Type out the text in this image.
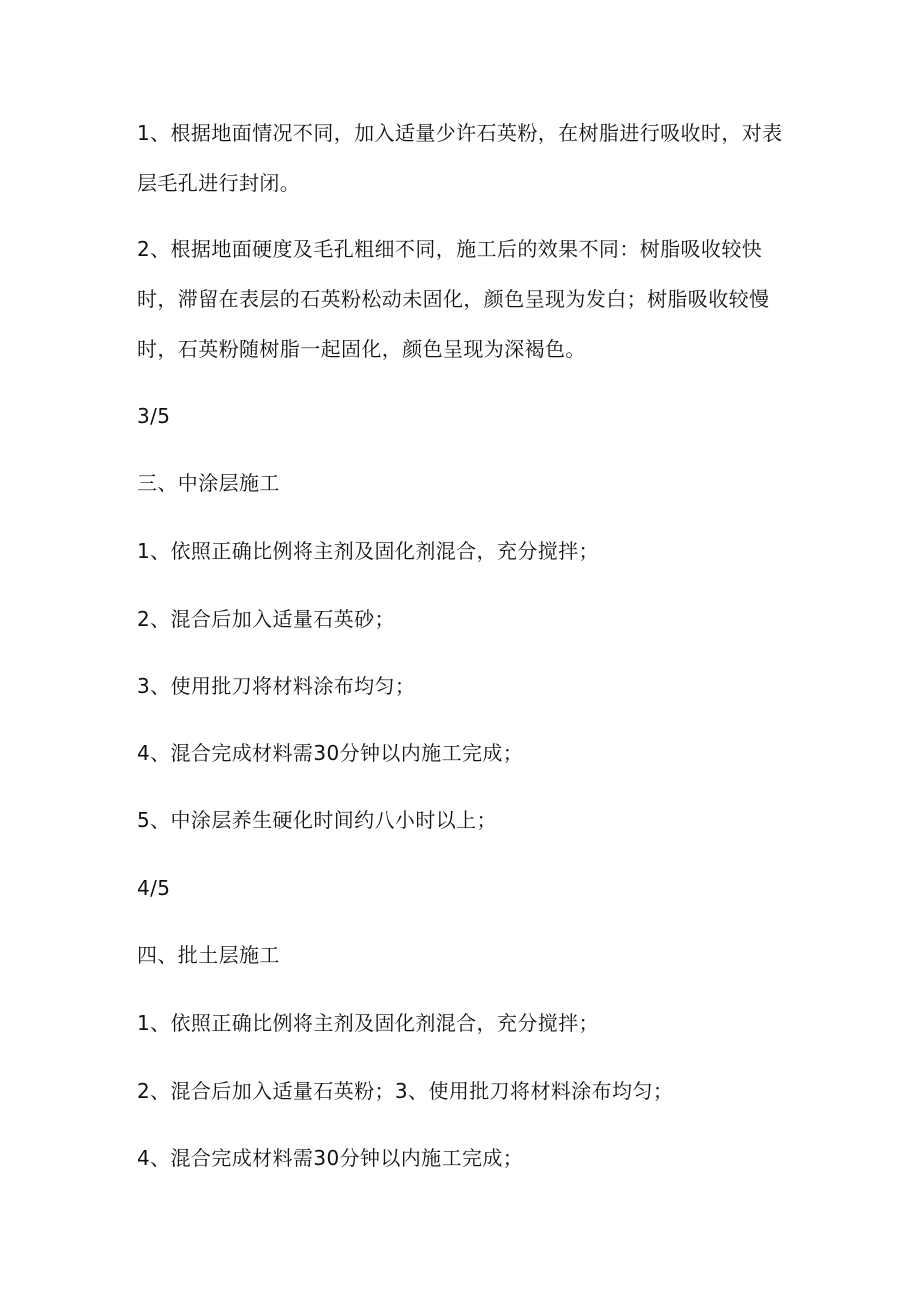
1、根据地面情况不同，加入适量少许石英粉，在树脂进行吸收时，对表
层毛孔进行封闭。
2、根据地面硬度及毛孔粗细不同，施工后的效果不同：树脂吸收较快
时，滞留在表层的石英粉松动未固化，颜色呈现为发白；树脂吸收较慢
时，石英粉随树脂一起固化，颜色呈现为深褐色。
3/5
三、中涂层施工
1、依照正确比例将主剂及固化剂混合，充分搅拌；
2、混合后加入适量石英砂；
3、使用批刀将材料涂布均匀；
4、混合完成材料需30分钟以内施工完成；
5、中涂层养生硬化时间约八小时以上；
4/5
四、批土层施工
1、依照正确比例将主剂及固化剂混合，充分搅拌；
2、混合后加入适量石英粉；3、使用批刀将材料涂布均匀；
4、混合完成材料需30分钟以内施工完成；
